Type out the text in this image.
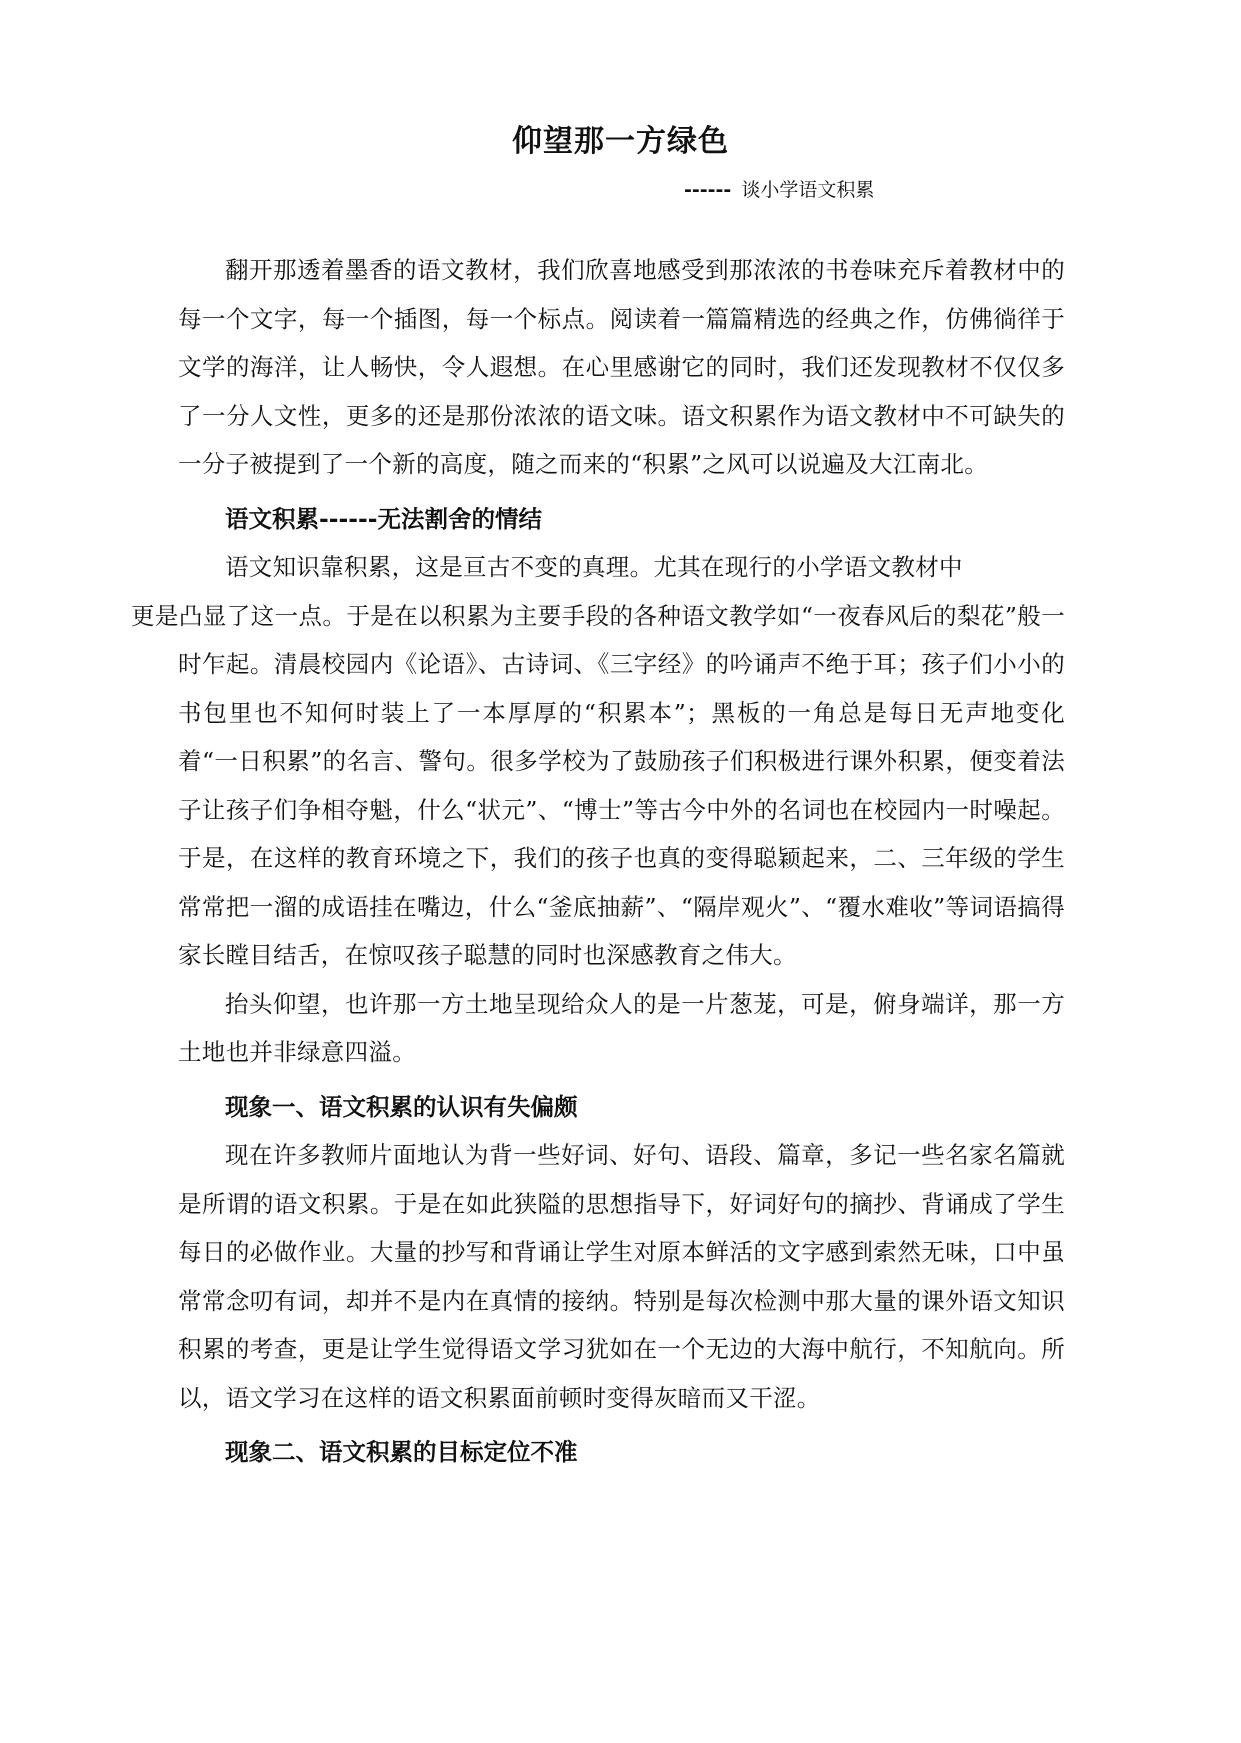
仰望那一方绿色
------ 谈小学语文积累

翻开那透着墨香的语文教材，我们欣喜地感受到那浓浓的书卷味充斥着教材中的每一个文字，每一个插图，每一个标点。阅读着一篇篇精选的经典之作，仿佛徜徉于文学的海洋，让人畅快，令人遐想。在心里感谢它的同时，我们还发现教材不仅仅多了一分人文性，更多的还是那份浓浓的语文味。语文积累作为语文教材中不可缺失的一分子被提到了一个新的高度，随之而来的“积累”之风可以说遍及大江南北。

语文积累------无法割舍的情结

语文知识靠积累，这是亘古不变的真理。尤其在现行的小学语文教材中
更是凸显了这一点。于是在以积累为主要手段的各种语文教学如“一夜春风后的梨花”般一时乍起。清晨校园内《论语》、古诗词、《三字经》的吟诵声不绝于耳；孩子们小小的书包里也不知何时装上了一本厚厚的“积累本”；黑板的一角总是每日无声地变化着“一日积累”的名言、警句。很多学校为了鼓励孩子们积极进行课外积累，便变着法子让孩子们争相夺魁，什么“状元”、“博士”等古今中外的名词也在校园内一时噪起。于是，在这样的教育环境之下，我们的孩子也真的变得聪颖起来，二、三年级的学生常常把一溜的成语挂在嘴边，什么“釜底抽薪”、“隔岸观火”、“覆水难收”等词语搞得家长瞠目结舌，在惊叹孩子聪慧的同时也深感教育之伟大。

抬头仰望，也许那一方土地呈现给众人的是一片葱茏，可是，俯身端详，那一方土地也并非绿意四溢。

现象一、语文积累的认识有失偏颇

现在许多教师片面地认为背一些好词、好句、语段、篇章，多记一些名家名篇就是所谓的语文积累。于是在如此狭隘的思想指导下，好词好句的摘抄、背诵成了学生每日的必做作业。大量的抄写和背诵让学生对原本鲜活的文字感到索然无味，口中虽常常念叨有词，却并不是内在真情的接纳。特别是每次检测中那大量的课外语文知识积累的考查，更是让学生觉得语文学习犹如在一个无边的大海中航行，不知航向。所以，语文学习在这样的语文积累面前顿时变得灰暗而又干涩。

现象二、语文积累的目标定位不准
